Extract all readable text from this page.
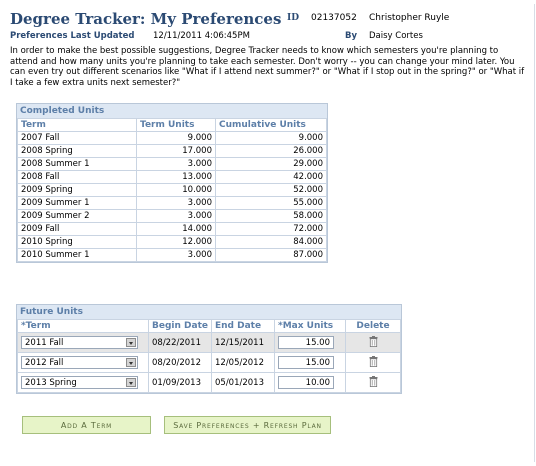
Degree Tracker: My Preferences ID 02137052 Christopher Ruyle
Preferences Last Updated 12/11/2011 4:06:45PM	By Daisy Cortes

In order to make the best possible suggestions, Degree Tracker needs to know which semesters you're planning to attend and how many units you're planning to take each semester. Don't worry -- you can change your mind later. You can even try out different scenarios like "What if I attend next summer?" or "What if I stop out in the spring?" or "What if I take a few extra units next semester?"

Completed Units
Term	Term Units	Cumulative Units
2007 Fall	9.000	9.000
2008 Spring	17.000	26.000
2008 Summer 1	3.000	29.000
2008 Fall	13.000	42.000
2009 Spring	10.000	52.000
2009 Summer 1	3.000	55.000
2009 Summer 2	3.000	58.000
2009 Fall	14.000	72.000
2010 Spring	12.000	84.000
2010 Summer 1	3.000	87.000
Future Units
*Term	Begin Date	End Date	*Max Units	Delete
2011 Fall	08/22/2011	12/15/2011	15.00	
2012 Fall	08/20/2012	12/05/2012	15.00	
2013 Spring	01/09/2013	05/01/2013	10.00	
Add A Term	Save Preferences + Refresh Plan
